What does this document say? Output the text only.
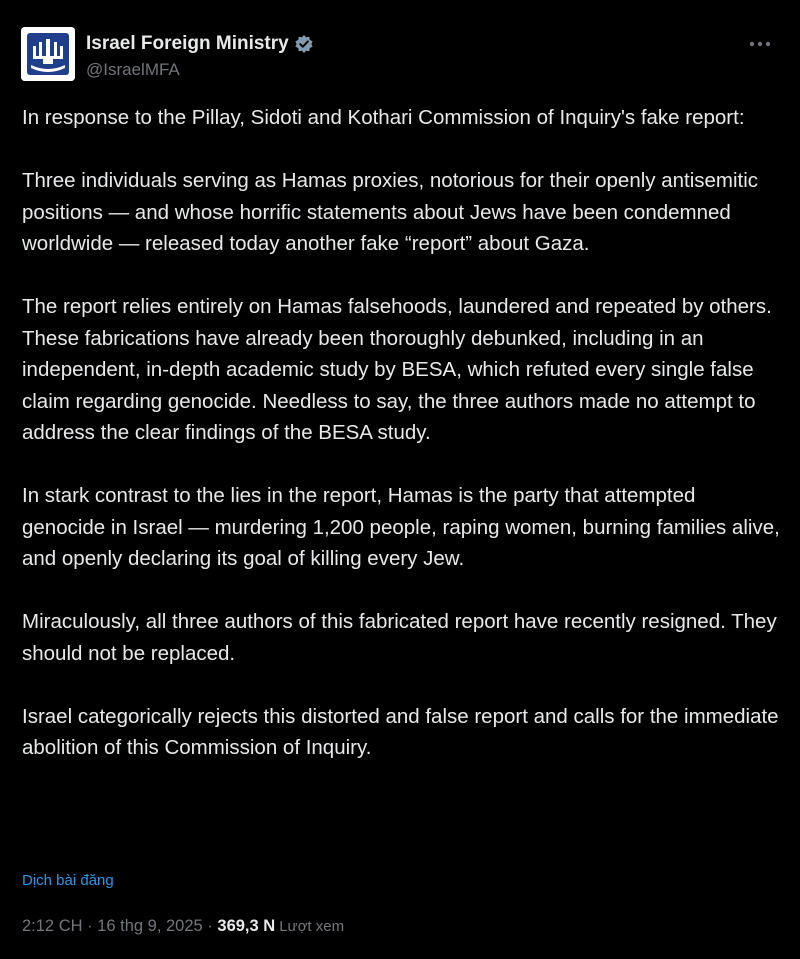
Israel Foreign Ministry
@IsraelMFA

In response to the Pillay, Sidoti and Kothari Commission of Inquiry's fake report:

Three individuals serving as Hamas proxies, notorious for their openly antisemitic positions — and whose horrific statements about Jews have been condemned worldwide — released today another fake “report” about Gaza.

The report relies entirely on Hamas falsehoods, laundered and repeated by others. These fabrications have already been thoroughly debunked, including in an independent, in-depth academic study by BESA, which refuted every single false claim regarding genocide. Needless to say, the three authors made no attempt to address the clear findings of the BESA study.

In stark contrast to the lies in the report, Hamas is the party that attempted genocide in Israel — murdering 1,200 people, raping women, burning families alive, and openly declaring its goal of killing every Jew.

Miraculously, all three authors of this fabricated report have recently resigned. They should not be replaced.

Israel categorically rejects this distorted and false report and calls for the immediate abolition of this Commission of Inquiry.

Dịch bài đăng
2:12 CH · 16 thg 9, 2025 · 369,3 N Lượt xem
